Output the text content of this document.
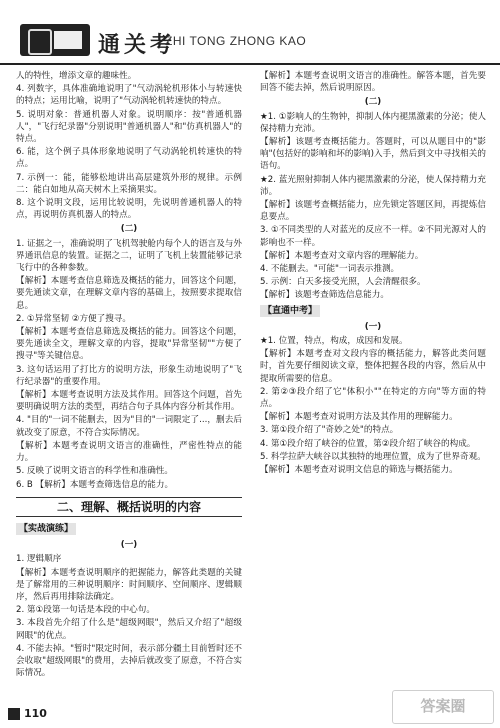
通关考
ZHI TONG ZHONG KAO

人的特性，增添文章的趣味性。

4. 列数字，具体准确地说明了"气动涡轮机形体小与转速快的特点；运用比喻，说明了"气动涡轮机转速快的特点。

5. 说明对象：普通机器人对象。说明顺序：按"普通机器人"，"飞行纪录器"分别说明"普通机器人"和"仿真机器人"的特点。

6. 能，这个例子具体形象地说明了气动涡轮机转速快的特点。

7. 示例一：能，能够松地讲出高层建筑外形的规律。示例二：能白如地从高天树木上采摘果实。

8. 这个说明文段，运用比较说明，先说明普通机器人的特点，再说明仿真机器人的特点。

(二)

1. 证据之一，准确说明了飞机驾驶舱内每个人的语言及与外界通讯信息的装置。证据之二，证明了飞机上装置能够记录飞行中的各种参数。

【解析】本题考查信息筛选及概括的能力，回答这个问题，要先通读文章，在理解文章内容的基础上，按照要求提取信息。

2. ①异常坚韧 ②方便了搜寻。

【解析】本题考查信息筛选及概括的能力。回答这个问题，要先通读全文，理解文章的内容，提取"异常坚韧""方便了搜寻"等关键信息。

3. 这句话运用了打比方的说明方法，形象生动地说明了"飞行纪录器"的重要作用。

【解析】本题考查说明方法及其作用。回答这个问题，首先要明确说明方法的类型，再结合句子具体内容分析其作用。

4. "目的"一词不能删去，因为"目的"一词限定了...，删去后就改变了原意，不符合实际情况。

【解析】本题考查说明文语言的准确性，严密性特点的能力。

5. 反映了说明文语言的科学性和准确性。

6. B 【解析】本题考查筛选信息的能力。

二、理解、概括说明的内容
【实战演练】
(一)

1. 逻辑顺序

【解析】本题考查说明顺序的把握能力，解答此类题的关键是了解常用的三种说明顺序：时间顺序、空间顺序、逻辑顺序，然后再用排除法确定。

2. 第①段第一句话是本段的中心句。

3. 本段首先介绍了什么是"超级网眼"，然后又介绍了"超级网眼"的优点。

4. 不能去掉。"暂时"限定时间，表示部分疆土目前暂时还不会收取"超级网眼"的费用，去掉后就改变了原意，不符合实际情况。

【解析】本题考查说明文语言的准确性。解答本题，首先要回答不能去掉，然后说明原因。

(二)

★1. ①影响人的生物钟，抑制人体内褪黑激素的分泌；使人保持精力充沛。

【解析】该题考查概括能力。答题时，可以从题目中的"影响"(包括好的影响和坏的影响)入手，然后到文中寻找相关的语句。

★2. 蓝光照射抑制人体内褪黑激素的分泌，使人保持精力充沛。

【解析】该题考查概括能力，应先锁定答题区间，再提炼信息要点。

3. ①不同类型的人对蓝光的反应不一样。②不同光源对人的影响也不一样。

【解析】本题考查对文章内容的理解能力。

4. 不能删去。"可能"一词表示推测。

5. 示例：白天多接受光照，人会清醒很多。

【解析】该题考查筛选信息能力。

【直通中考】
(一)

★1. 位置，特点，构成，成因和发展。

【解析】本题考查对文段内容的概括能力，解答此类问题时，首先要仔细阅读文章，整体把握各段的内容，然后从中提取所需要的信息。

2. 第②③段介绍了它"体积小""在特定的方向"等方面的特点。

【解析】本题考查对说明方法及其作用的理解能力。

3. 第①段介绍了"奇妙之处"的特点。

4. 第①段介绍了峡谷的位置，第②段介绍了峡谷的构成。

5. 科学拉萨大峡谷以其独特的地理位置，成为了世界奇观。

【解析】本题考查对说明文信息的筛选与概括能力。

110	答案圈
